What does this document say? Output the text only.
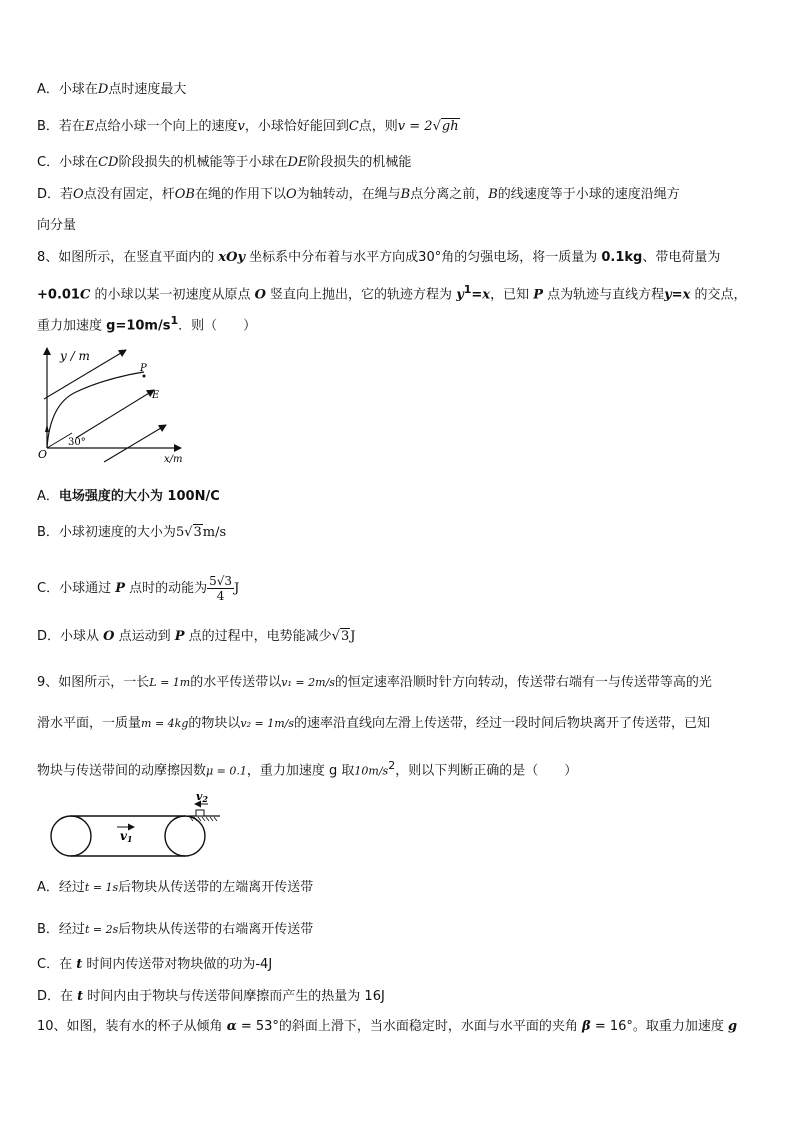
A．小球在D点时速度最大
B．若在E点给小球一个向上的速度v，小球恰好能回到C点，则v = 2√gh
C．小球在CD阶段损失的机械能等于小球在DE阶段损失的机械能
D．若O点没有固定，杆OB在绳的作用下以O为轴转动，在绳与B点分离之前，B的线速度等于小球的速度沿绳方
向分量
8、如图所示，在竖直平面内的 xOy 坐标系中分布着与水平方向成30°角的匀强电场，将一质量为 0.1kg、带电荷量为
+0.01C 的小球以某一初速度从原点 O 竖直向上抛出，它的轨迹方程为 $y^1=x$，已知 P 点为轨迹与直线方程y=x 的交点，
重力加速度 $g=10m/s^1$．则（　　）
y / m
x/m
O
30°
P
E
A．电场强度的大小为 100N/C
B．小球初速度的大小为5√3m/s
C．小球通过 P 点时的动能为 $\frac{5√3}{4}$ J
D．小球从 O 点运动到 P 点的过程中，电势能减少√3J
9、如图所示，一长L = 1m的水平传送带以v₁ = 2m/s的恒定速率沿顺时针方向转动，传送带右端有一与传送带等高的光
滑水平面，一质量m = 4kg的物块以v₂ = 1m/s的速率沿直线向左滑上传送带，经过一段时间后物块离开了传送带，已知
物块与传送带间的动摩擦因数μ = 0.1，重力加速度 g 取$10m/s^2$，则以下判断正确的是（　　）
v2
v1
A．经过t = 1s后物块从传送带的左端离开传送带
B．经过t = 2s后物块从传送带的右端离开传送带
C．在 t 时间内传送带对物块做的功为-4J
D．在 t 时间内由于物块与传送带间摩擦而产生的热量为 16J
10、如图，装有水的杯子从倾角 α = 53°的斜面上滑下，当水面稳定时，水面与水平面的夹角 β = 16°。取重力加速度 g
